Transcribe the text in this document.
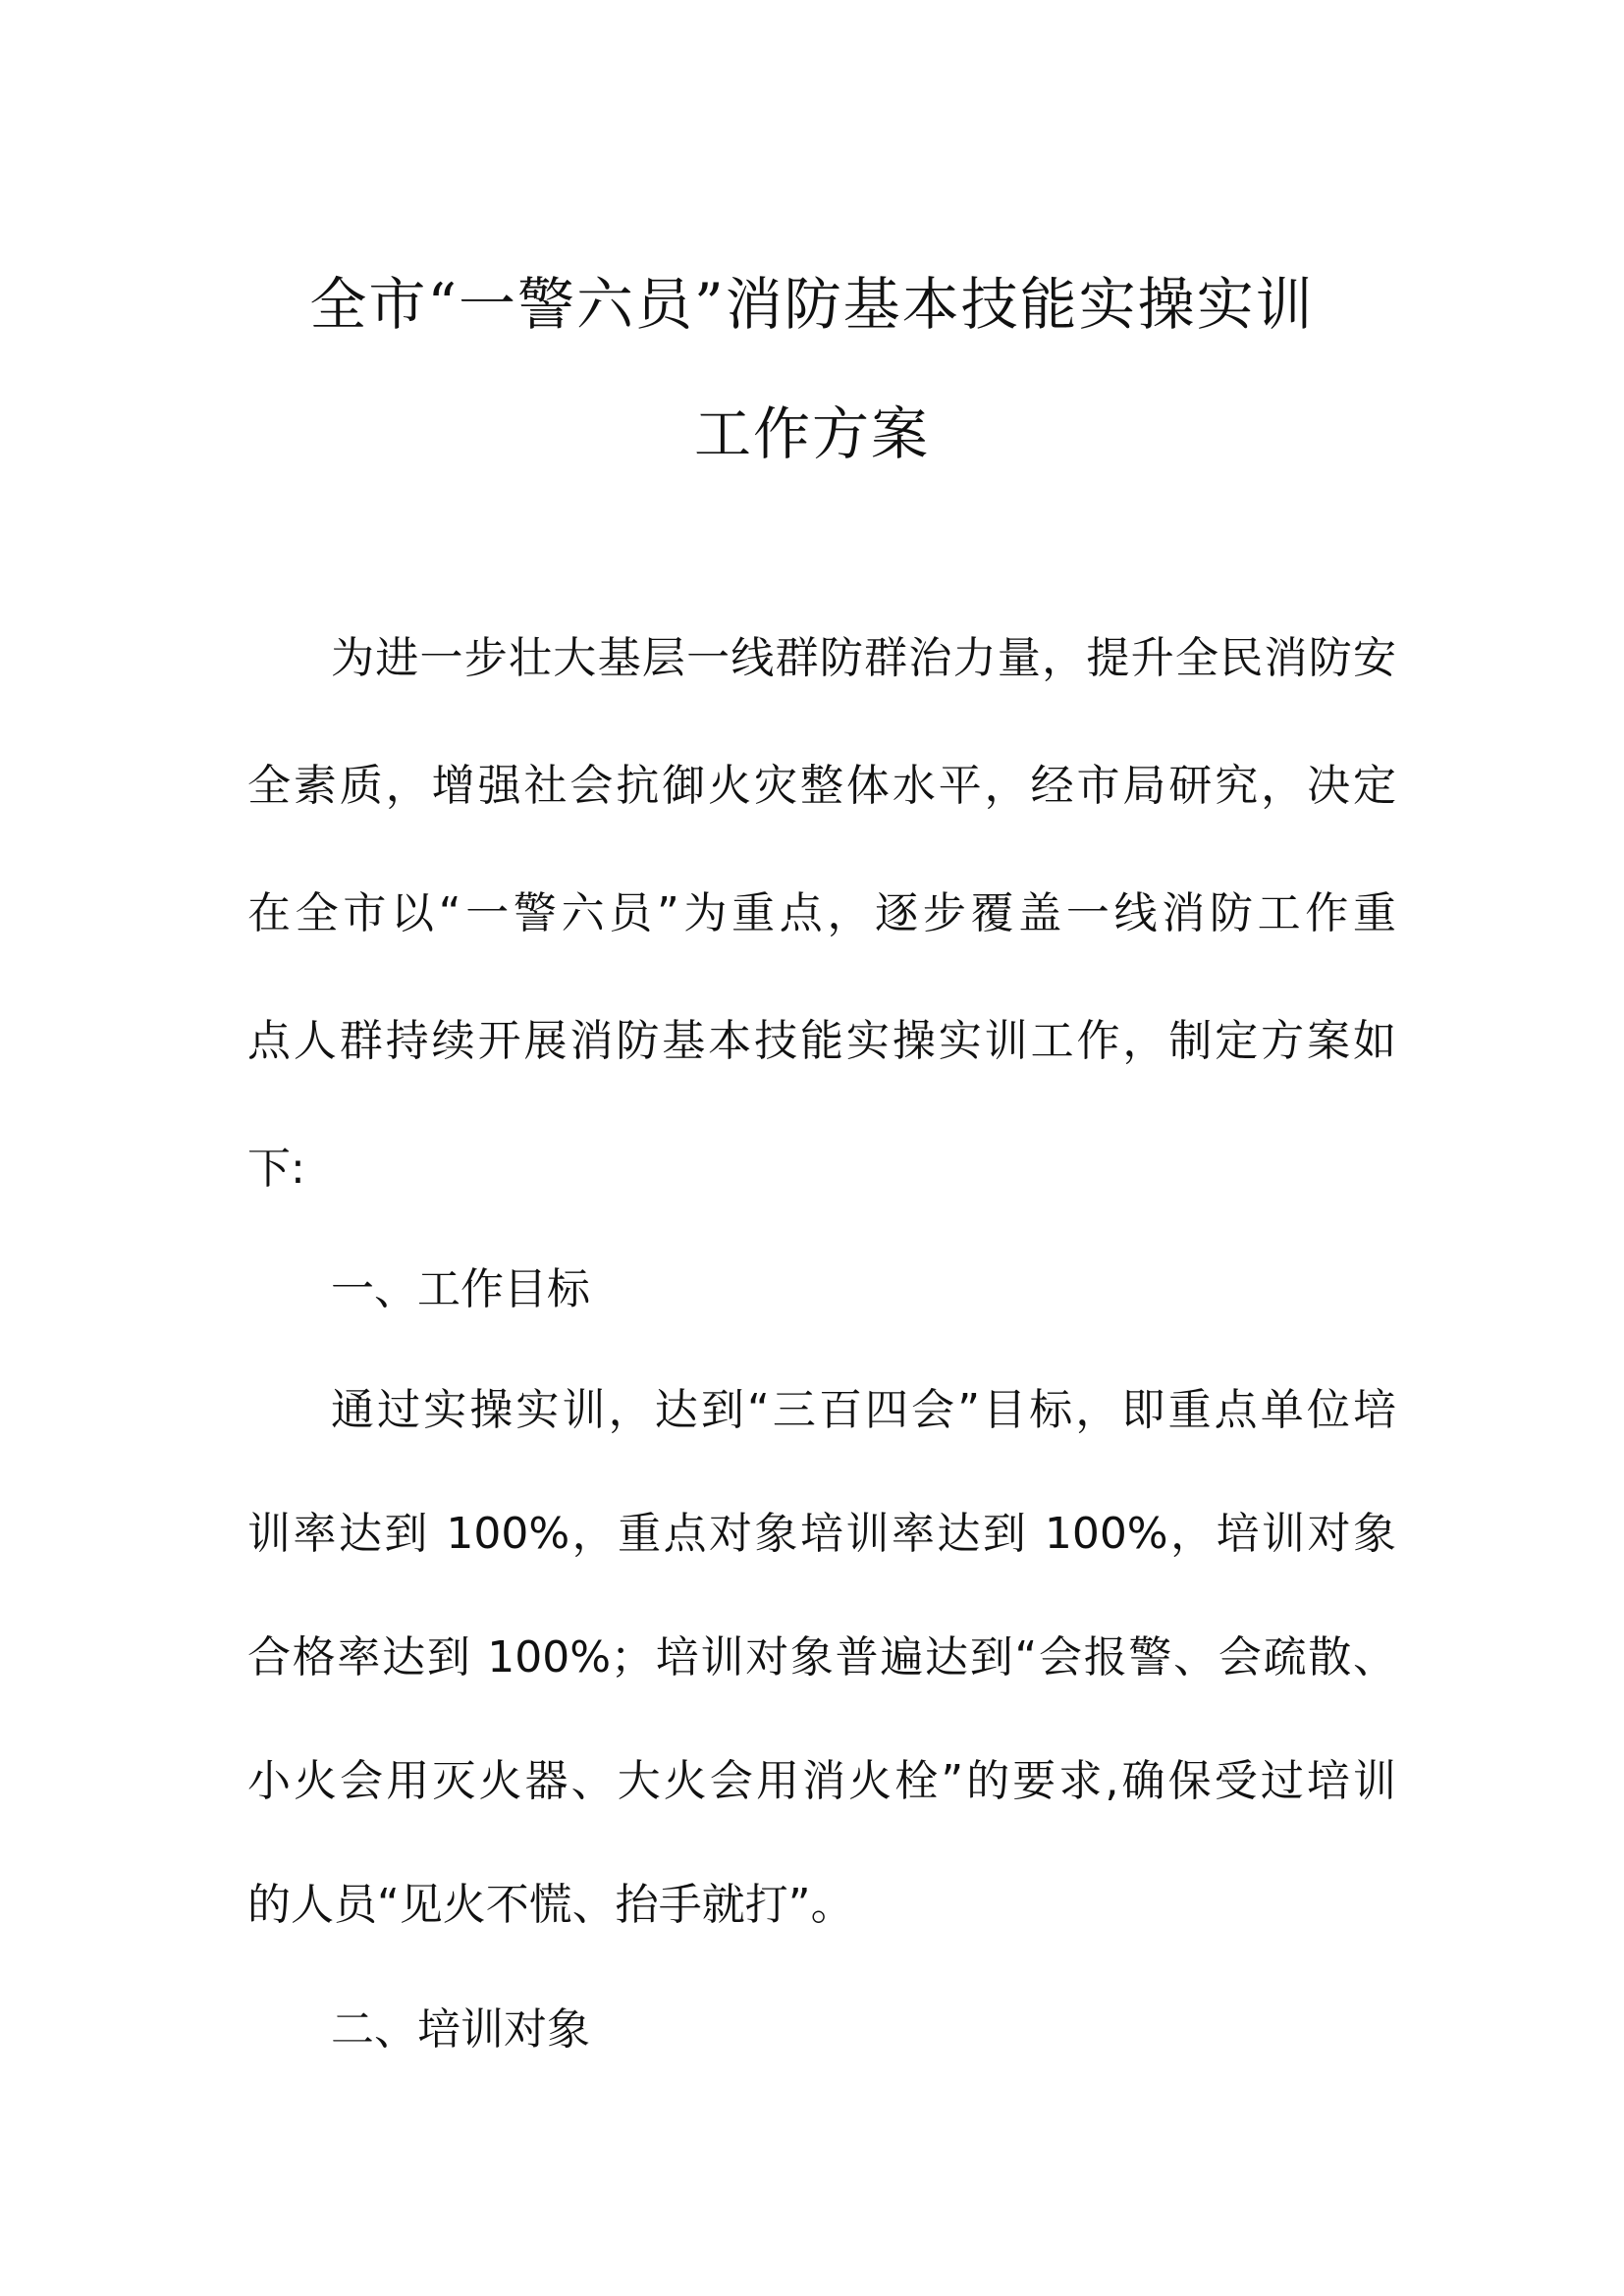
全市“一警六员”消防基本技能实操实训
工作方案
为进一步壮大基层一线群防群治力量，提升全民消防安
全素质，增强社会抗御火灾整体水平，经市局研究，决定
在全市以“一警六员”为重点，逐步覆盖一线消防工作重
点人群持续开展消防基本技能实操实训工作，制定方案如
下:
一、工作目标
通过实操实训，达到“三百四会”目标，即重点单位培
训率达到 100%，重点对象培训率达到 100%，培训对象
合格率达到 100%；培训对象普遍达到“会报警、会疏散、
小火会用灭火器、大火会用消火栓”的要求,确保受过培训
的人员“见火不慌、抬手就打”。
二、培训对象
